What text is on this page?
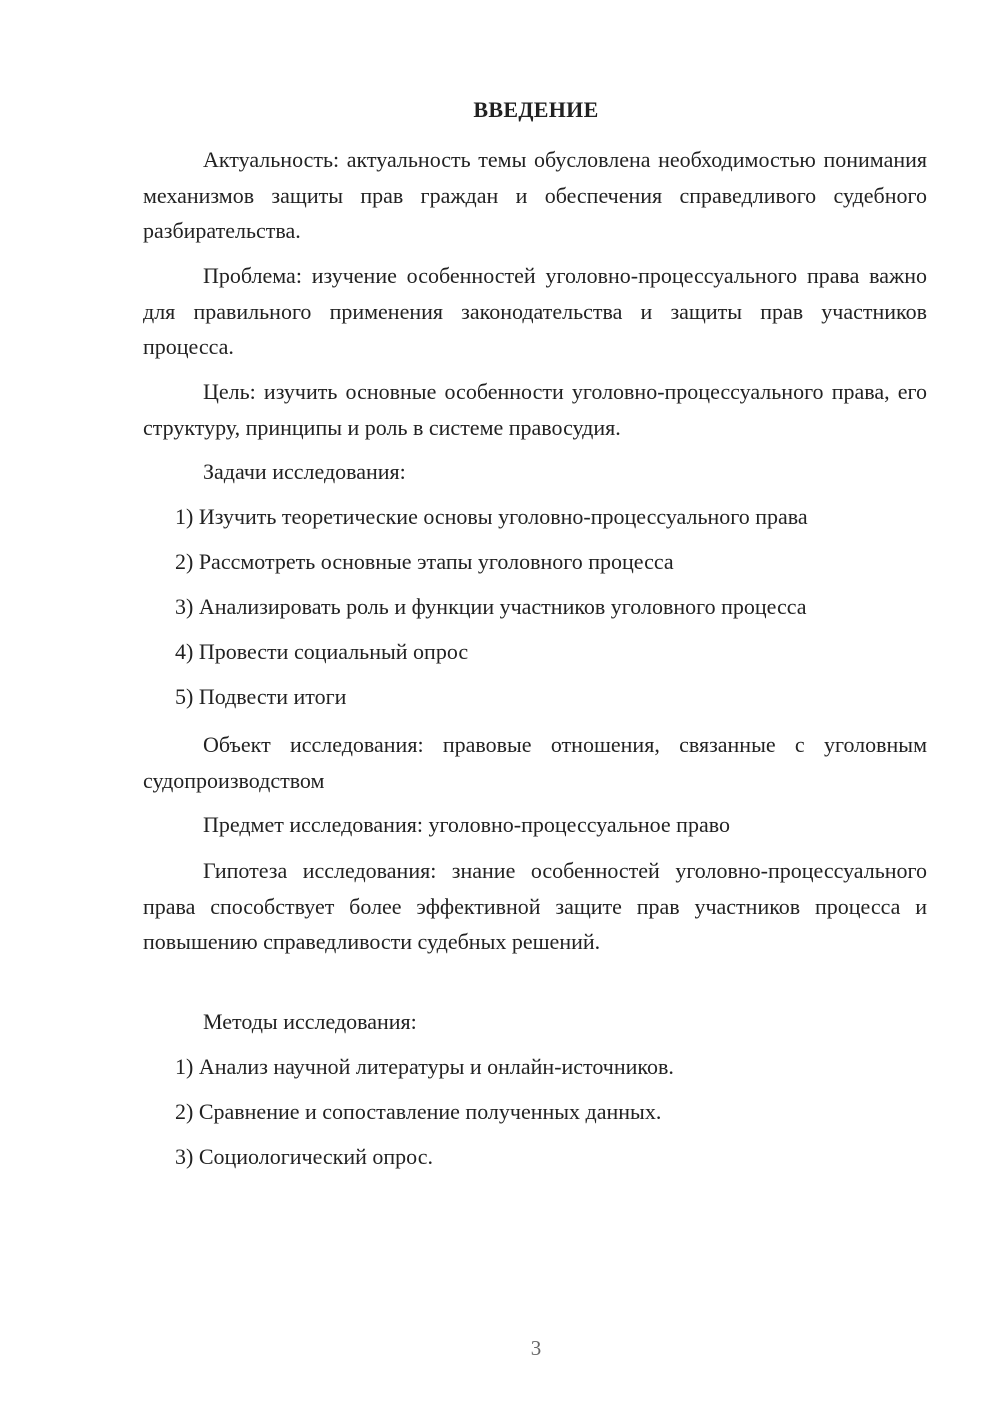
ВВЕДЕНИЕ

Актуальность: актуальность темы обусловлена необходимостью понимания механизмов защиты прав граждан и обеспечения справедливого судебного разбирательства.

Проблема: изучение особенностей уголовно-процессуального права важно для правильного применения законодательства и защиты прав участников процесса.

Цель: изучить основные особенности уголовно-процессуального права, его структуру, принципы и роль в системе правосудия.

Задачи исследования:
1) Изучить теоретические основы уголовно-процессуального права
2) Рассмотреть основные этапы уголовного процесса
3) Анализировать роль и функции участников уголовного процесса
4) Провести социальный опрос
5) Подвести итоги

Объект исследования: правовые отношения, связанные с уголовным судопроизводством

Предмет исследования: уголовно-процессуальное право

Гипотеза исследования: знание особенностей уголовно-процессуального права способствует более эффективной защите прав участников процесса и повышению справедливости судебных решений.

Методы исследования:
1) Анализ научной литературы и онлайн-источников.
2) Сравнение и сопоставление полученных данных.
3) Социологический опрос.
3
